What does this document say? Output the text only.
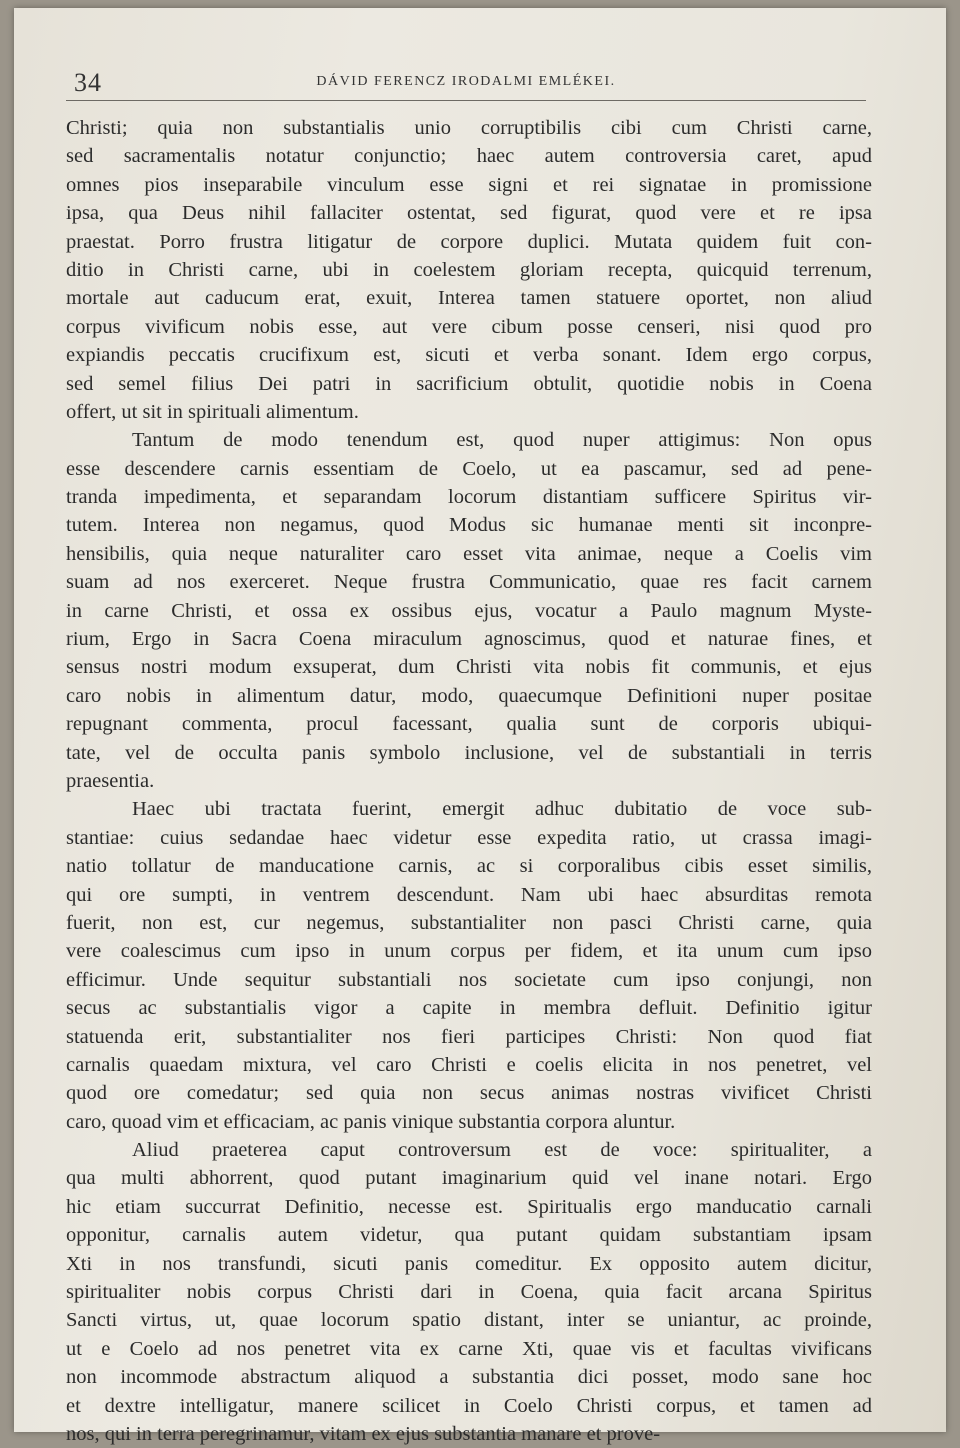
34	DÁVID FERENCZ IRODALMI EMLÉKEI.
Christi; quia non substantialis unio corruptibilis cibi cum Christi carne,
sed sacramentalis notatur conjunctio; haec autem controversia caret, apud
omnes pios inseparabile vinculum esse signi et rei signatae in promissione
ipsa, qua Deus nihil fallaciter ostentat, sed figurat, quod vere et re ipsa
praestat. Porro frustra litigatur de corpore duplici. Mutata quidem fuit con-
ditio in Christi carne, ubi in coelestem gloriam recepta, quicquid terrenum,
mortale aut caducum erat, exuit, Interea tamen statuere oportet, non aliud
corpus vivificum nobis esse, aut vere cibum posse censeri, nisi quod pro
expiandis peccatis crucifixum est, sicuti et verba sonant. Idem ergo corpus,
sed semel filius Dei patri in sacrificium obtulit, quotidie nobis in Coena
offert, ut sit in spirituali alimentum.
Tantum de modo tenendum est, quod nuper attigimus: Non opus
esse descendere carnis essentiam de Coelo, ut ea pascamur, sed ad pene-
tranda impedimenta, et separandam locorum distantiam sufficere Spiritus vir-
tutem. Interea non negamus, quod Modus sic humanae menti sit inconpre-
hensibilis, quia neque naturaliter caro esset vita animae, neque a Coelis vim
suam ad nos exerceret. Neque frustra Communicatio, quae res facit carnem
in carne Christi, et ossa ex ossibus ejus, vocatur a Paulo magnum Myste-
rium, Ergo in Sacra Coena miraculum agnoscimus, quod et naturae fines, et
sensus nostri modum exsuperat, dum Christi vita nobis fit communis, et ejus
caro nobis in alimentum datur, modo, quaecumque Definitioni nuper positae
repugnant commenta, procul facessant, qualia sunt de corporis ubiqui-
tate, vel de occulta panis symbolo inclusione, vel de substantiali in terris
praesentia.
Haec ubi tractata fuerint, emergit adhuc dubitatio de voce sub-
stantiae: cuius sedandae haec videtur esse expedita ratio, ut crassa imagi-
natio tollatur de manducatione carnis, ac si corporalibus cibis esset similis,
qui ore sumpti, in ventrem descendunt. Nam ubi haec absurditas remota
fuerit, non est, cur negemus, substantialiter non pasci Christi carne, quia
vere coalescimus cum ipso in unum corpus per fidem, et ita unum cum ipso
efficimur. Unde sequitur substantiali nos societate cum ipso conjungi, non
secus ac substantialis vigor a capite in membra defluit. Definitio igitur
statuenda erit, substantialiter nos fieri participes Christi: Non quod fiat
carnalis quaedam mixtura, vel caro Christi e coelis elicita in nos penetret, vel
quod ore comedatur; sed quia non secus animas nostras vivificet Christi
caro, quoad vim et efficaciam, ac panis vinique substantia corpora aluntur.
Aliud praeterea caput controversum est de voce: spiritualiter, a
qua multi abhorrent, quod putant imaginarium quid vel inane notari. Ergo
hic etiam succurrat Definitio, necesse est. Spiritualis ergo manducatio carnali
opponitur, carnalis autem videtur, qua putant quidam substantiam ipsam
Xti in nos transfundi, sicuti panis comeditur. Ex opposito autem dicitur,
spiritualiter nobis corpus Christi dari in Coena, quia facit arcana Spiritus
Sancti virtus, ut, quae locorum spatio distant, inter se uniantur, ac proinde,
ut e Coelo ad nos penetret vita ex carne Xti, quae vis et facultas vivificans
non incommode abstractum aliquod a substantia dici posset, modo sane hoc
et dextre intelligatur, manere scilicet in Coelo Christi corpus, et tamen ad
nos, qui in terra peregrinamur, vitam ex ejus substantia manare et prove-
